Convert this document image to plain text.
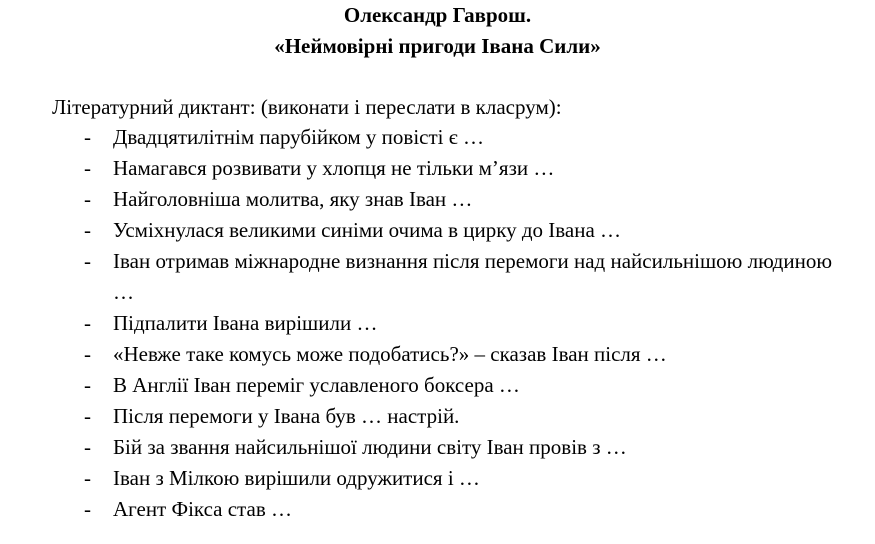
Олександр Гаврош.

«Неймовірні пригоди Івана Сили»

Літературний диктант: (виконати і переслати в класрум):

- Двадцятилітнім парубійком у повісті є …
- Намагався розвивати у хлопця не тільки м’язи …
- Найголовніша молитва, яку знав Іван …
- Усміхнулася великими синіми очима в цирку до Івана …
- Іван отримав міжнародне визнання після перемоги над найсильнішою людиною …
- Підпалити Івана вирішили …
- «Невже таке комусь може подобатись?» – сказав Іван після …
- В Англії Іван переміг уславленого боксера …
- Після перемоги у Івана був … настрій.
- Бій за звання найсильнішої людини світу Іван провів з …
- Іван з Мілкою вирішили одружитися і …
- Агент Фікса став …
